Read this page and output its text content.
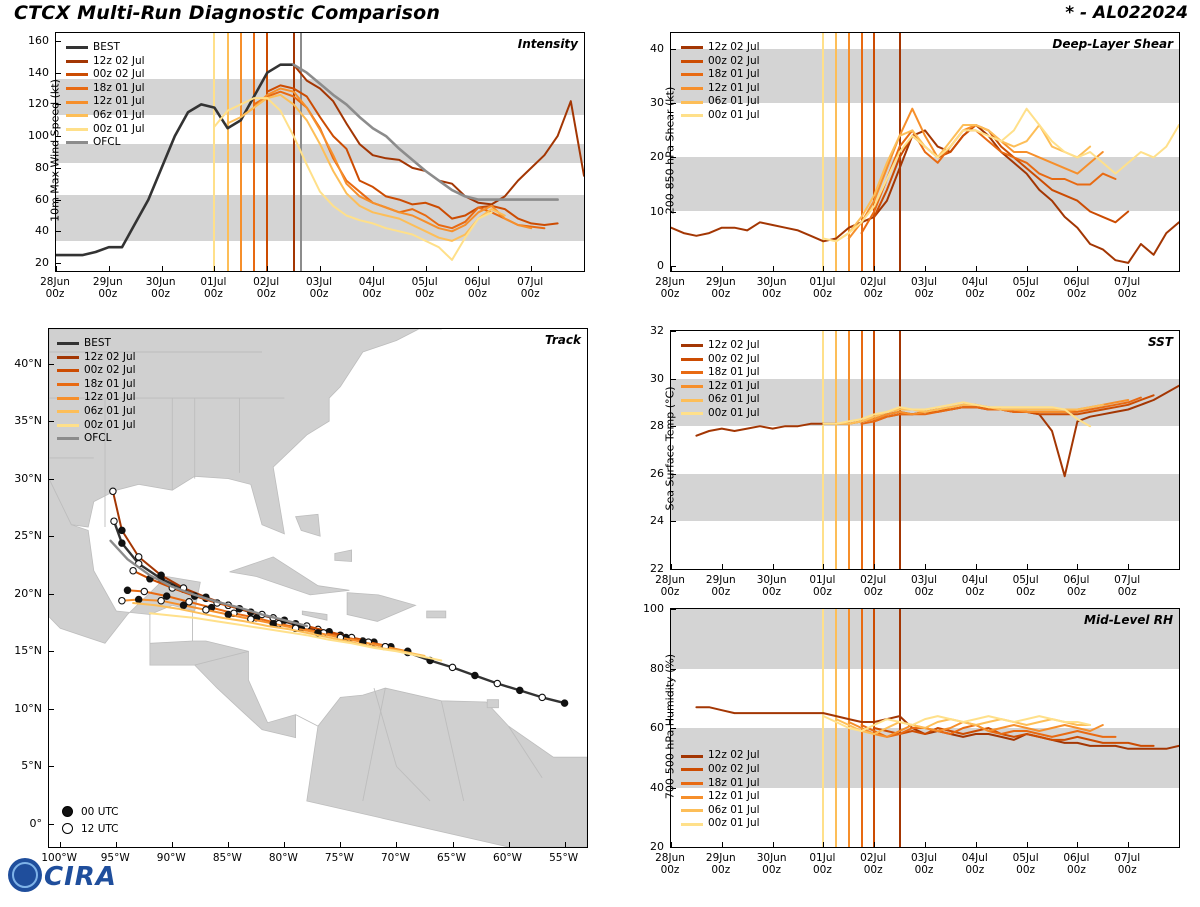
CTCX Multi-Run Diagnostic Comparison	* - AL022024
Intensity
BEST
12z 02 Jul
00z 02 Jul
18z 01 Jul
12z 01 Jul
06z 01 Jul
00z 01 Jul
OFCL
20
40
60
80
100
120
140
160
28Jun
00z
29Jun
00z
30Jun
00z
01Jul
00z
02Jul
00z
03Jul
00z
04Jul
00z
05Jul
00z
06Jul
00z
07Jul
00z
10m Max Wind Speed (kt)
Deep-Layer Shear
12z 02 Jul
00z 02 Jul
18z 01 Jul
12z 01 Jul
06z 01 Jul
00z 01 Jul
0
10
20
30
40
28Jun
00z
29Jun
00z
30Jun
00z
01Jul
00z
02Jul
00z
03Jul
00z
04Jul
00z
05Jul
00z
06Jul
00z
07Jul
00z
200-850 hPa Shear (kt)
SST
12z 02 Jul
00z 02 Jul
18z 01 Jul
12z 01 Jul
06z 01 Jul
00z 01 Jul
22
24
26
28
30
32
28Jun
00z
29Jun
00z
30Jun
00z
01Jul
00z
02Jul
00z
03Jul
00z
04Jul
00z
05Jul
00z
06Jul
00z
07Jul
00z
Sea Surface Temp (°C)
Mid-Level RH
12z 02 Jul
00z 02 Jul
18z 01 Jul
12z 01 Jul
06z 01 Jul
00z 01 Jul
20
40
60
80
100
28Jun
00z
29Jun
00z
30Jun
00z
01Jul
00z
02Jul
00z
03Jul
00z
04Jul
00z
05Jul
00z
06Jul
00z
07Jul
00z
700-500 hPa Humidity (%)
Track
BEST
12z 02 Jul
00z 02 Jul
18z 01 Jul
12z 01 Jul
06z 01 Jul
00z 01 Jul
OFCL
00 UTC
12 UTC
0°
5°N
10°N
15°N
20°N
25°N
30°N
35°N
40°N
100°W	95°W	90°W	85°W	80°W	75°W	70°W	65°W	60°W	55°W
CIRA
